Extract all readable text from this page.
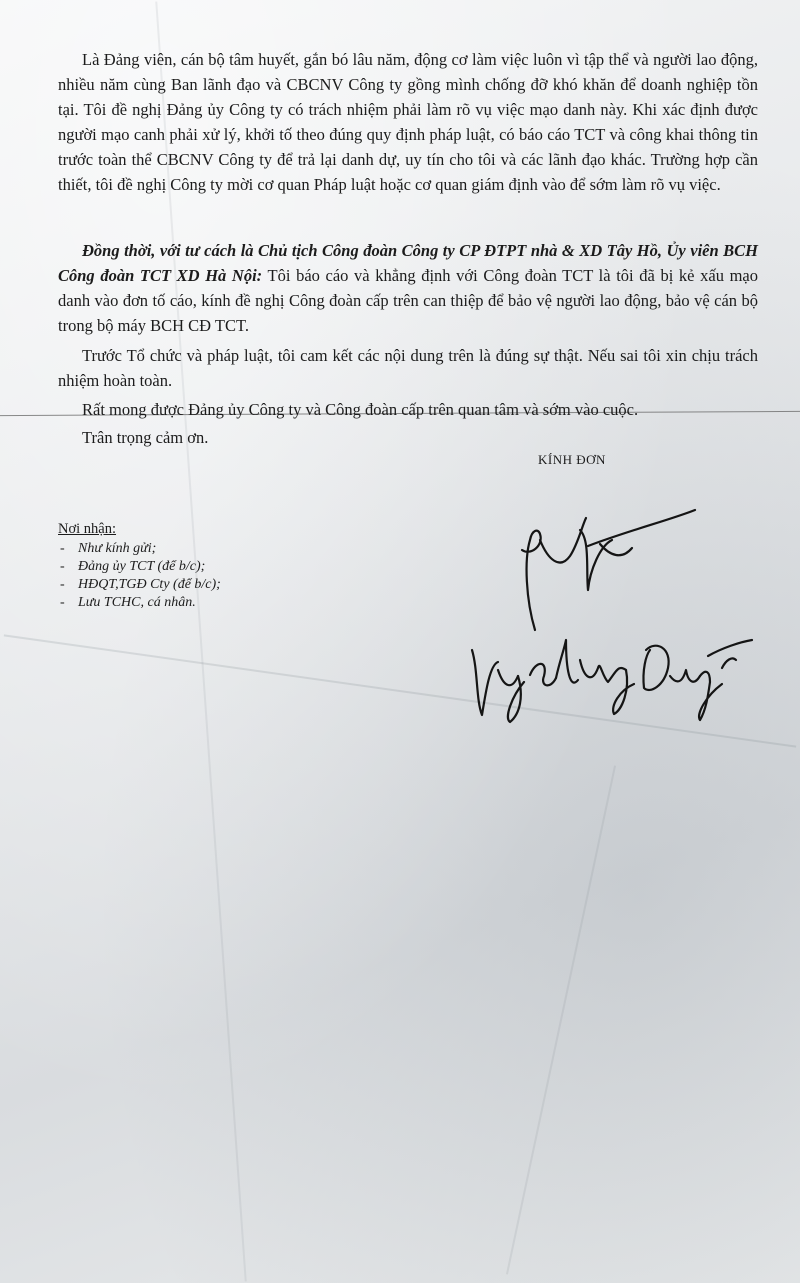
Là Đảng viên, cán bộ tâm huyết, gắn bó lâu năm, động cơ làm việc luôn vì tập thể và người lao động, nhiều năm cùng Ban lãnh đạo và CBCNV Công ty gồng mình chống đỡ khó khăn để doanh nghiệp tồn tại. Tôi đề nghị Đảng ủy Công ty có trách nhiệm phải làm rõ vụ việc mạo danh này. Khi xác định được người mạo canh phải xử lý, khởi tố theo đúng quy định pháp luật, có báo cáo TCT và công khai thông tin trước toàn thể CBCNV Công ty để trả lại danh dự, uy tín cho tôi và các lãnh đạo khác. Trường hợp cần thiết, tôi đề nghị Công ty mời cơ quan Pháp luật hoặc cơ quan giám định vào để sớm làm rõ vụ việc.
Đồng thời, với tư cách là Chủ tịch Công đoàn Công ty CP ĐTPT nhà & XD Tây Hồ, Ủy viên BCH Công đoàn TCT XD Hà Nội: Tôi báo cáo và khẳng định với Công đoàn TCT là tôi đã bị kẻ xấu mạo danh vào đơn tố cáo, kính đề nghị Công đoàn cấp trên can thiệp để bảo vệ người lao động, bảo vệ cán bộ trong bộ máy BCH CĐ TCT.
Trước Tổ chức và pháp luật, tôi cam kết các nội dung trên là đúng sự thật. Nếu sai tôi xin chịu trách nhiệm hoàn toàn.
Rất mong được Đảng ủy Công ty và Công đoàn cấp trên quan tâm và sớm vào cuộc.
Trân trọng cảm ơn.
KÍNH ĐƠN
Nơi nhận:
- Như kính gửi;
- Đảng ủy TCT (để b/c);
- HĐQT,TGĐ Cty (để b/c);
- Lưu TCHC, cá nhân.
